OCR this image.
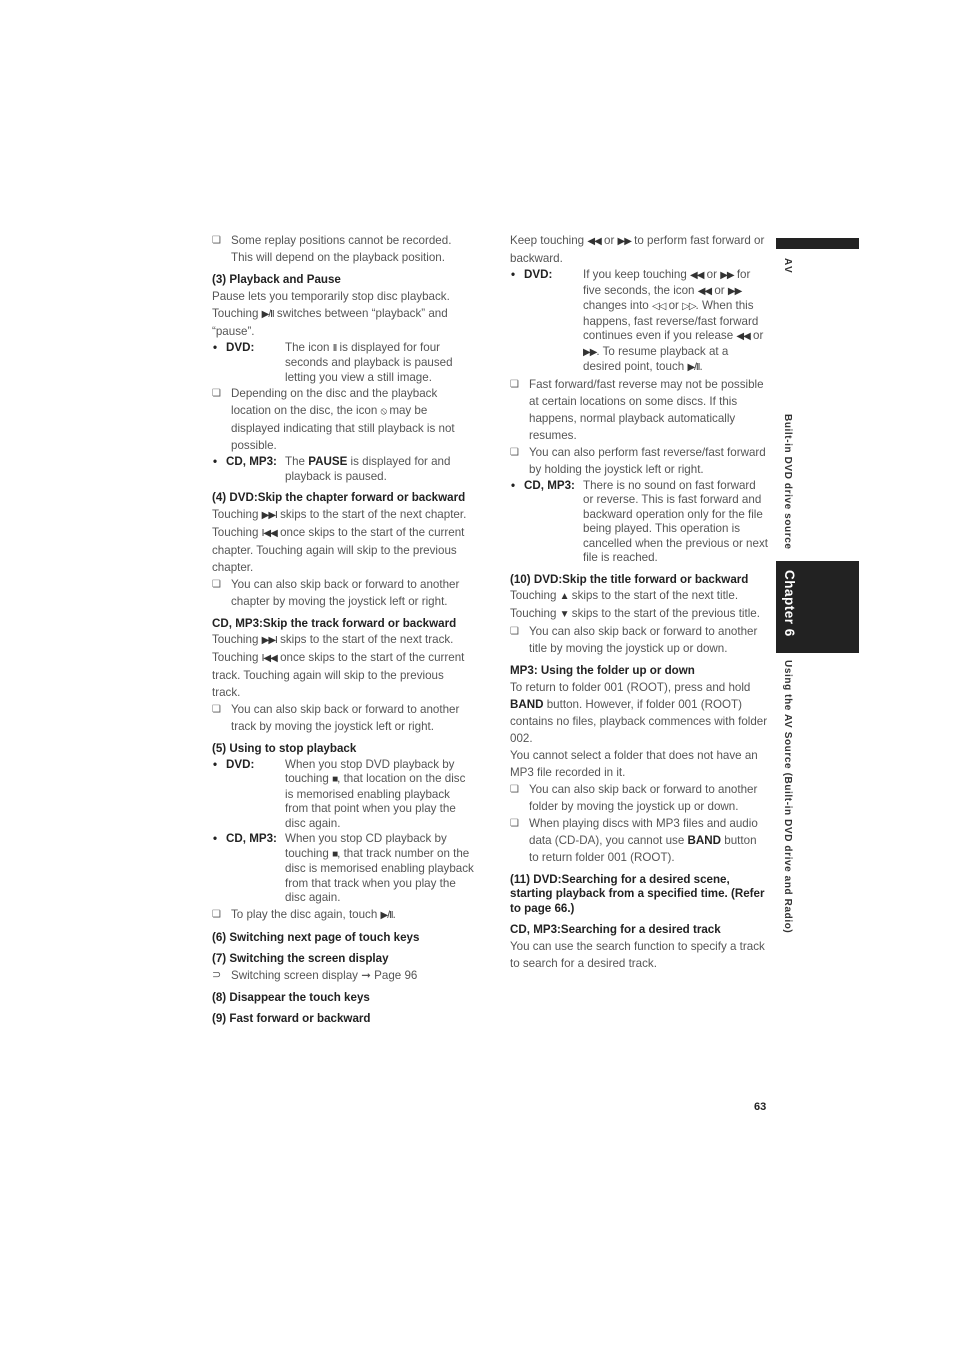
❏ Some replay positions cannot be recorded. This will depend on the playback position.

(3) Playback and Pause

Pause lets you temporarily stop disc playback. Touching ▶/II switches between “playback” and “pause”.

• DVD:	The icon II is displayed for four seconds and playback is paused letting you view a still image.

❏ Depending on the disc and the playback location on the disc, the icon ⦸ may be displayed indicating that still playback is not possible.

• CD, MP3: The PAUSE is displayed for and playback is paused.
(4) DVD:Skip the chapter forward or backward

Touching ▶▶I skips to the start of the next chapter. Touching I◀◀ once skips to the start of the current chapter. Touching again will skip to the previous chapter.

❏ You can also skip back or forward to another chapter by moving the joystick left or right.

CD, MP3:Skip the track forward or backward

Touching ▶▶I skips to the start of the next track. Touching I◀◀ once skips to the start of the current track. Touching again will skip to the previous track.

❏ You can also skip back or forward to another track by moving the joystick left or right.

(5) Using to stop playback
• DVD:	When you stop DVD playback by touching ■, that location on the disc is memorised enabling playback from that point when you play the disc again.
• CD, MP3: When you stop CD playback by touching ■, that track number on the disc is memorised enabling playback from that track when you play the disc again.

❏ To play the disc again, touch ▶/II.

(6) Switching next page of touch keys
(7) Switching the screen display

⊃ Switching screen display ➞ Page 96

(8) Disappear the touch keys
(9) Fast forward or backward

Keep touching ◀◀ or ▶▶ to perform fast forward or backward.

• DVD:	If you keep touching ◀◀ or ▶▶ for five seconds, the icon ◀◀ or ▶▶ changes into ◁◁ or ▷▷. When this happens, fast reverse/fast forward continues even if you release ◀◀ or ▶▶. To resume playback at a desired point, touch ▶/II.

❏ Fast forward/fast reverse may not be possible at certain locations on some discs. If this happens, normal playback automatically resumes.

❏ You can also perform fast reverse/fast forward by holding the joystick left or right.

• CD, MP3: There is no sound on fast forward or reverse. This is fast forward and backward operation only for the file being played. This operation is cancelled when the previous or next file is reached.
(10) DVD:Skip the title forward or backward

Touching ▲ skips to the start of the next title. Touching ▼ skips to the start of the previous title.

❏ You can also skip back or forward to another title by moving the joystick up or down.

MP3: Using the folder up or down

To return to folder 001 (ROOT), press and hold BAND button. However, if folder 001 (ROOT) contains no files, playback commences with folder 002.

You cannot select a folder that does not have an MP3 file recorded in it.

❏ You can also skip back or forward to another folder by moving the joystick up or down.

❏ When playing discs with MP3 files and audio data (CD-DA), you cannot use BAND button to return folder 001 (ROOT).

(11) DVD:Searching for a desired scene, starting playback from a specified time. (Refer to page 66.)
CD, MP3:Searching for a desired track

You can use the search function to specify a track to search for a desired track.

AV
Built-in DVD drive source
Chapter 6
Using the AV Source (Built-in DVD drive and Radio)
63
